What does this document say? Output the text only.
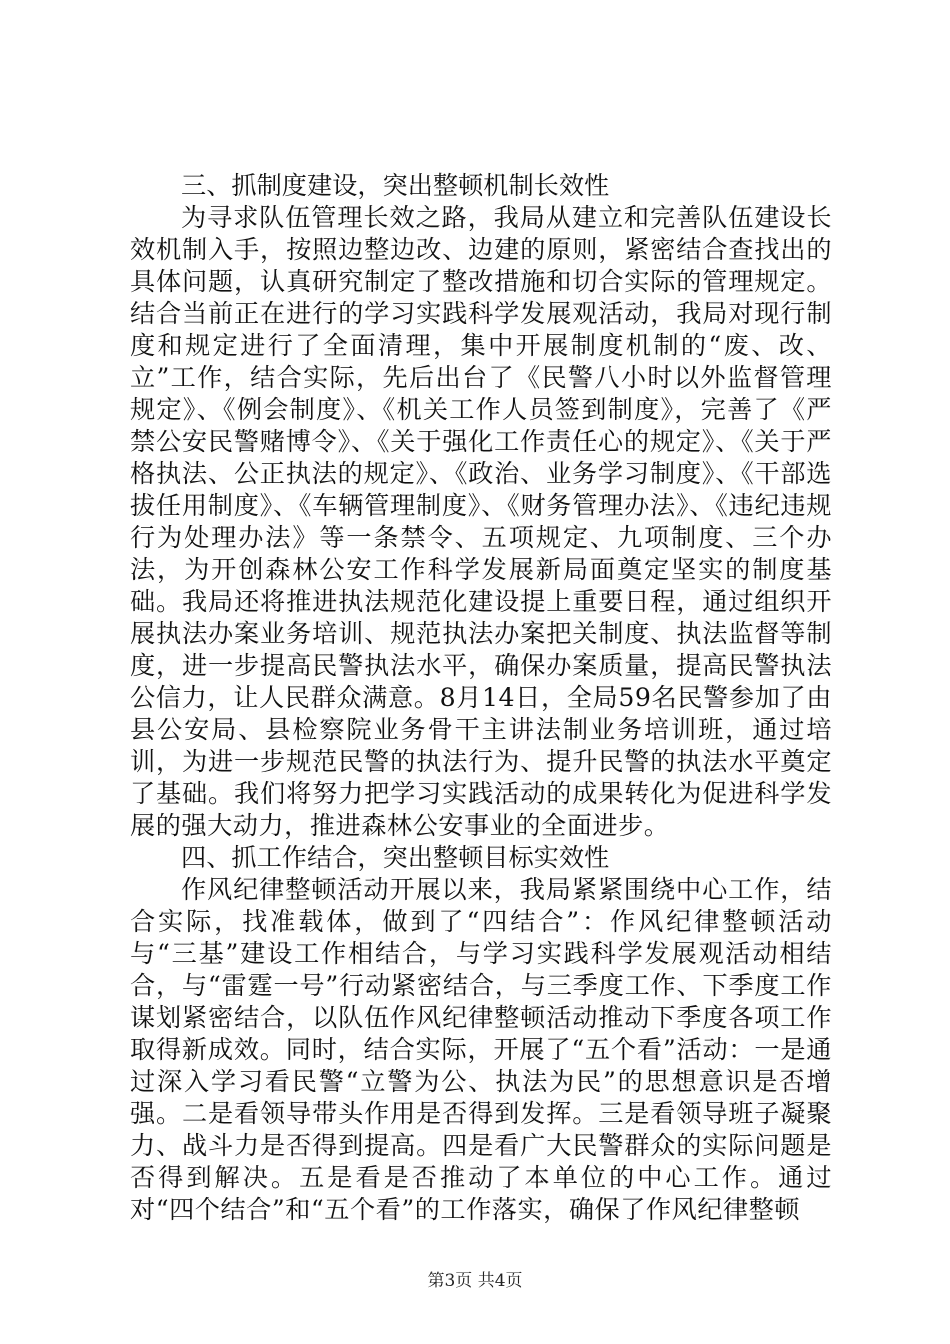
三、抓制度建设，突出整顿机制长效性

为寻求队伍管理长效之路，我局从建立和完善队伍建设长效机制入手，按照边整边改、边建的原则，紧密结合查找出的具体问题，认真研究制定了整改措施和切合实际的管理规定。结合当前正在进行的学习实践科学发展观活动，我局对现行制度和规定进行了全面清理，集中开展制度机制的“废、改、立”工作，结合实际，先后出台了《民警八小时以外监督管理规定》、《例会制度》、《机关工作人员签到制度》，完善了《严禁公安民警赌博令》、《关于强化工作责任心的规定》、《关于严格执法、公正执法的规定》、《政治、业务学习制度》、《干部选拔任用制度》、《车辆管理制度》、《财务管理办法》、《违纪违规行为处理办法》等一条禁令、五项规定、九项制度、三个办法，为开创森林公安工作科学发展新局面奠定坚实的制度基础。我局还将推进执法规范化建设提上重要日程，通过组织开展执法办案业务培训、规范执法办案把关制度、执法监督等制度，进一步提高民警执法水平，确保办案质量，提高民警执法公信力，让人民群众满意。8月14日，全局59名民警参加了由县公安局、县检察院业务骨干主讲法制业务培训班，通过培训，为进一步规范民警的执法行为、提升民警的执法水平奠定了基础。我们将努力把学习实践活动的成果转化为促进科学发展的强大动力，推进森林公安事业的全面进步。

四、抓工作结合，突出整顿目标实效性

作风纪律整顿活动开展以来，我局紧紧围绕中心工作，结合实际，找准载体，做到了“四结合”：作风纪律整顿活动与“三基”建设工作相结合，与学习实践科学发展观活动相结合，与“雷霆一号”行动紧密结合，与三季度工作、下季度工作谋划紧密结合，以队伍作风纪律整顿活动推动下季度各项工作取得新成效。同时，结合实际，开展了“五个看”活动：一是通过深入学习看民警“立警为公、执法为民”的思想意识是否增强。二是看领导带头作用是否得到发挥。三是看领导班子凝聚力、战斗力是否得到提高。四是看广大民警群众的实际问题是否得到解决。五是看是否推动了本单位的中心工作。通过对“四个结合”和“五个看”的工作落实，确保了作风纪律整顿

第3页 共4页
